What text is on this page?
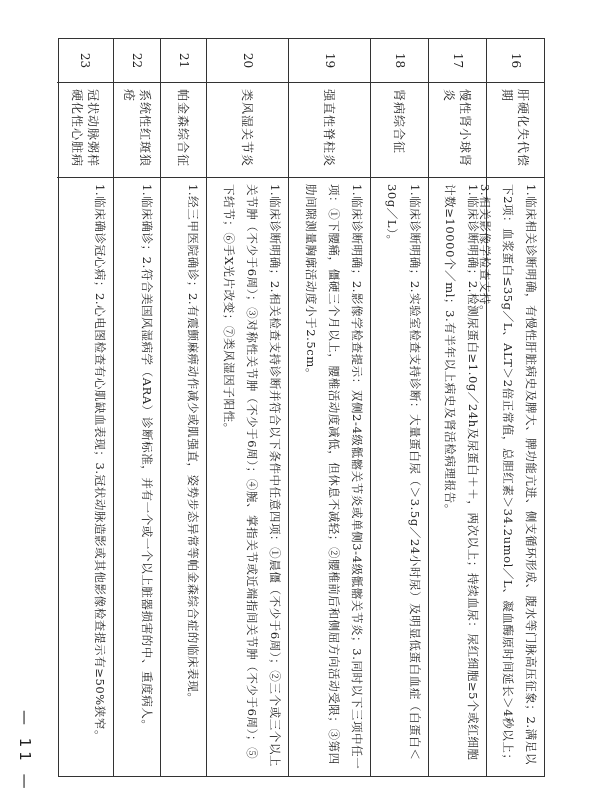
16
肝硬化失代偿期
1.临床相关诊断明确，有慢性肝脏病史及脾大、脾功能亢进、侧支循环形成、腹水等门脉高压征象；2.满足以下2项：血浆蛋白≤35g／L、ALT＞2倍正常值，总胆红素＞34.2umol／L、凝血酶原时间延长＞4秒以上；3.相关影像学检查支持。
17
慢性肾小球肾炎
1.临床诊断明确；2.检测尿蛋白≥1.0g／24h及尿蛋白＋＋，两次以上；持续血尿：尿红细胞≥5个或红细胞计数≥10000个／ml；3.有半年以上病史及肾活检病理报告。
18
肾病综合征
1.临床诊断明确；2.实验室检查支持诊断：大量蛋白尿（＞3.5g／24小时尿）及明显低蛋白血症（白蛋白＜30g／L）。
19
强直性脊柱炎
1.临床诊断明确；2.影像学检查提示：双侧2-4级骶髂关节炎或单侧3-4级骶髂关节炎；3.同时以下三项中任一项：①下腰痛，僵硬三个月以上，腰椎活动度减低，但休息不减轻；②腰椎前后和侧屈方向活动受限；③第四肋间隙测量胸廓活动度小于2.5cm。
20
类风湿关节炎
1.临床诊断明确；2.相关检查支持诊断并符合以下条件中任意四项：①晨僵（不少于6周）；②三个或三个以上关节肿（不少于6周）；③对称性关节肿（不少于6周）；④腕、掌指关节或近端指间关节肿（不少于6周）；⑤下结节；⑥手X光片改变；⑦类风湿因子阳性。
21
帕金森综合征
1.经三甲医院确诊；2.有震颤麻痹动作减少或肌强直，姿势步态异常等帕金森综合症的临床表现。
22
系统性红斑狼疮
1.临床确诊；2.符合美国风湿病学（ARA）诊断标准，并有一个或一个以上脏器损害的中、重度病人。
23
冠状动脉粥样硬化性心脏病
1.临床确诊冠心病；2.心电图检查有心肌缺血表现；3.冠状动脉造影或其他影像检查提示有≥50%狭窄。
— 11 —
